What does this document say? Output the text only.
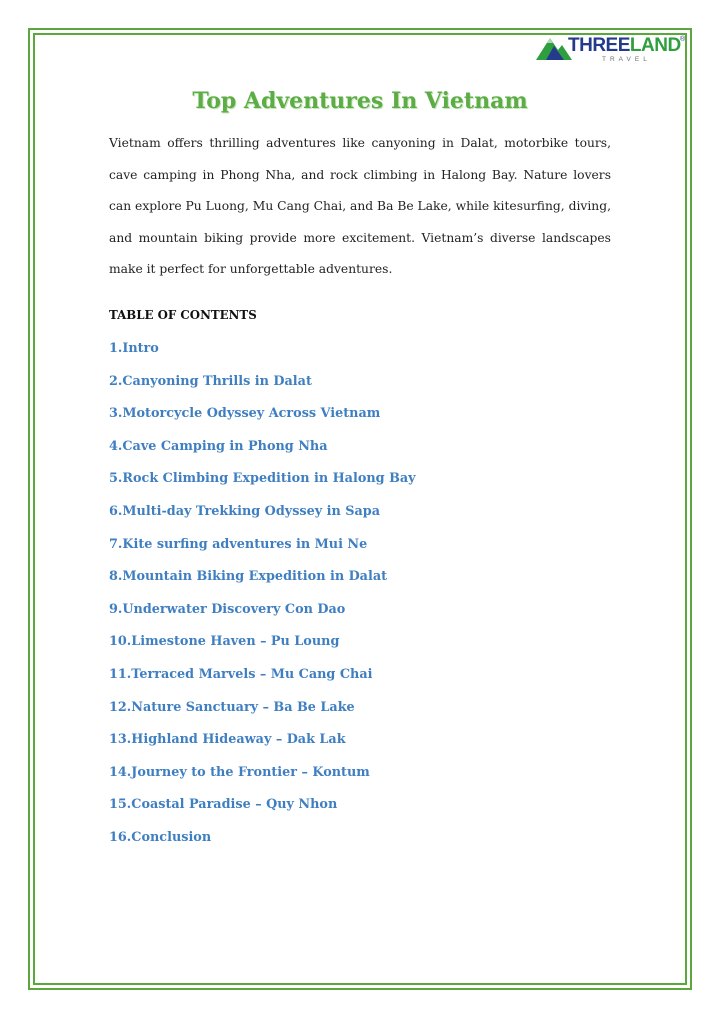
THREELAND ®
TRAVEL
Top Adventures In Vietnam

Vietnam offers thrilling adventures like canyoning in Dalat, motorbike tours, cave camping in Phong Nha, and rock climbing in Halong Bay. Nature lovers can explore Pu Luong, Mu Cang Chai, and Ba Be Lake, while kitesurfing, diving, and mountain biking provide more excitement. Vietnam’s diverse landscapes make it perfect for unforgettable adventures.

TABLE OF CONTENTS

1.Intro
2.Canyoning Thrills in Dalat
3.Motorcycle Odyssey Across Vietnam
4.Cave Camping in Phong Nha
5.Rock Climbing Expedition in Halong Bay
6.Multi-day Trekking Odyssey in Sapa
7.Kite surfing adventures in Mui Ne
8.Mountain Biking Expedition in Dalat
9.Underwater Discovery Con Dao
10.Limestone Haven – Pu Loung
11.Terraced Marvels – Mu Cang Chai
12.Nature Sanctuary – Ba Be Lake
13.Highland Hideaway – Dak Lak
14.Journey to the Frontier – Kontum
15.Coastal Paradise – Quy Nhon
16.Conclusion
